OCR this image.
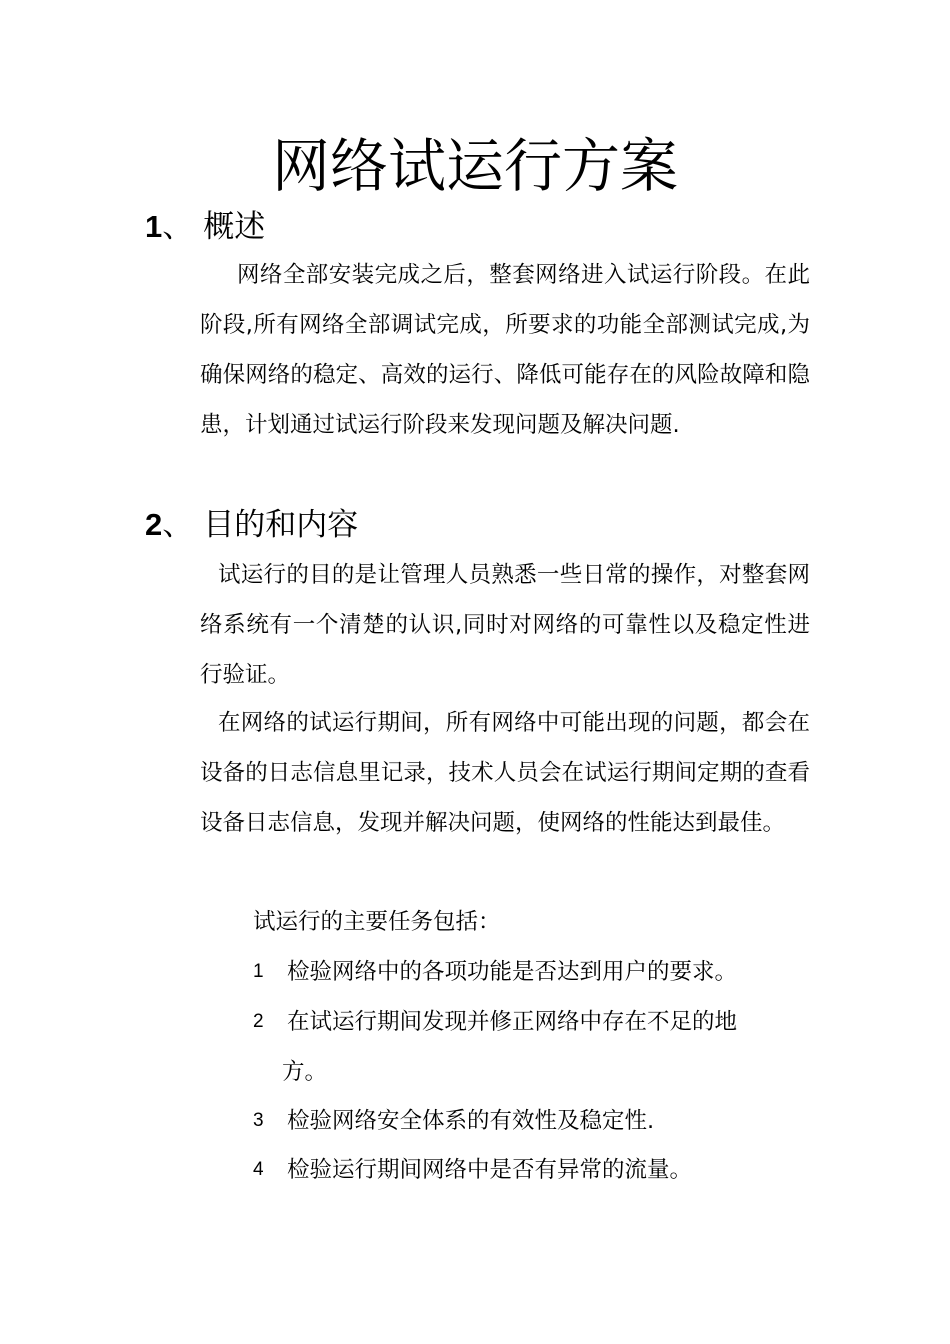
网络试运行方案
1、 概述

网络全部安装完成之后，整套网络进入试运行阶段。在此阶段,所有网络全部调试完成，所要求的功能全部测试完成,为确保网络的稳定、高效的运行、降低可能存在的风险故障和隐患，计划通过试运行阶段来发现问题及解决问题.

2、 目的和内容

试运行的目的是让管理人员熟悉一些日常的操作，对整套网络系统有一个清楚的认识,同时对网络的可靠性以及稳定性进行验证。

在网络的试运行期间，所有网络中可能出现的问题，都会在设备的日志信息里记录，技术人员会在试运行期间定期的查看设备日志信息，发现并解决问题，使网络的性能达到最佳。

试运行的主要任务包括：
1 检验网络中的各项功能是否达到用户的要求。
2 在试运行期间发现并修正网络中存在不足的地
方。
3 检验网络安全体系的有效性及稳定性.
4 检验运行期间网络中是否有异常的流量。
